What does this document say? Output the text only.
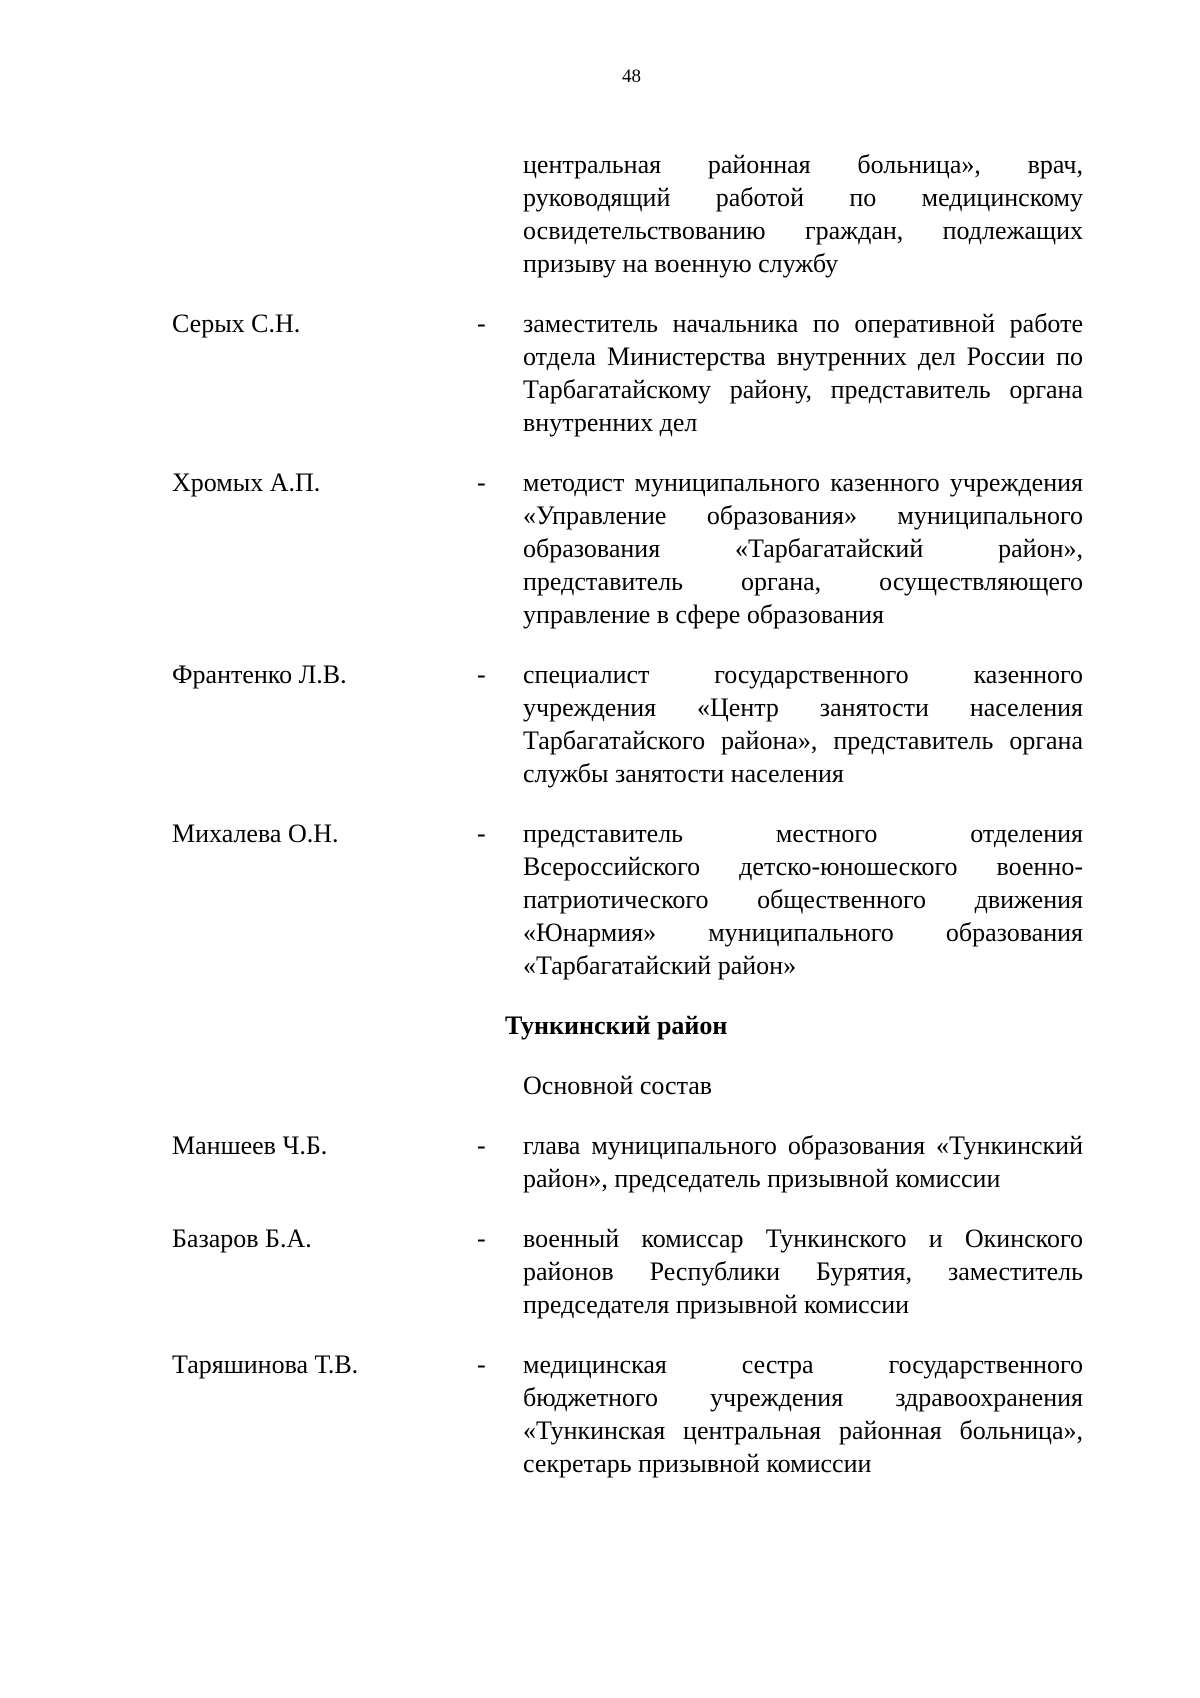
48
центральная районная больница», врач, руководящий работой по медицинскому освидетельствованию граждан, подлежащих призыву на военную службу
Серых С.Н.	- заместитель начальника по оперативной работе отдела Министерства внутренних дел России по Тарбагатайскому району, представитель органа внутренних дел
Хромых А.П.	- методист муниципального казенного учреждения «Управление образования» муниципального образования «Тарбагатайский район», представитель органа, осуществляющего управление в сфере образования
Франтенко Л.В.	- специалист государственного казенного учреждения «Центр занятости населения Тарбагатайского района», представитель органа службы занятости населения
Михалева О.Н.	- представитель местного отделения Всероссийского детско-юношеского военно-патриотического общественного движения «Юнармия» муниципального образования «Тарбагатайский район»
Тункинский район
Основной состав
Маншеев Ч.Б.	- глава муниципального образования «Тункинский район», председатель призывной комиссии
Базаров Б.А.	- военный комиссар Тункинского и Окинского районов Республики Бурятия, заместитель председателя призывной комиссии
Таряшинова Т.В.	- медицинская сестра государственного бюджетного учреждения здравоохранения «Тункинская центральная районная больница», секретарь призывной комиссии
